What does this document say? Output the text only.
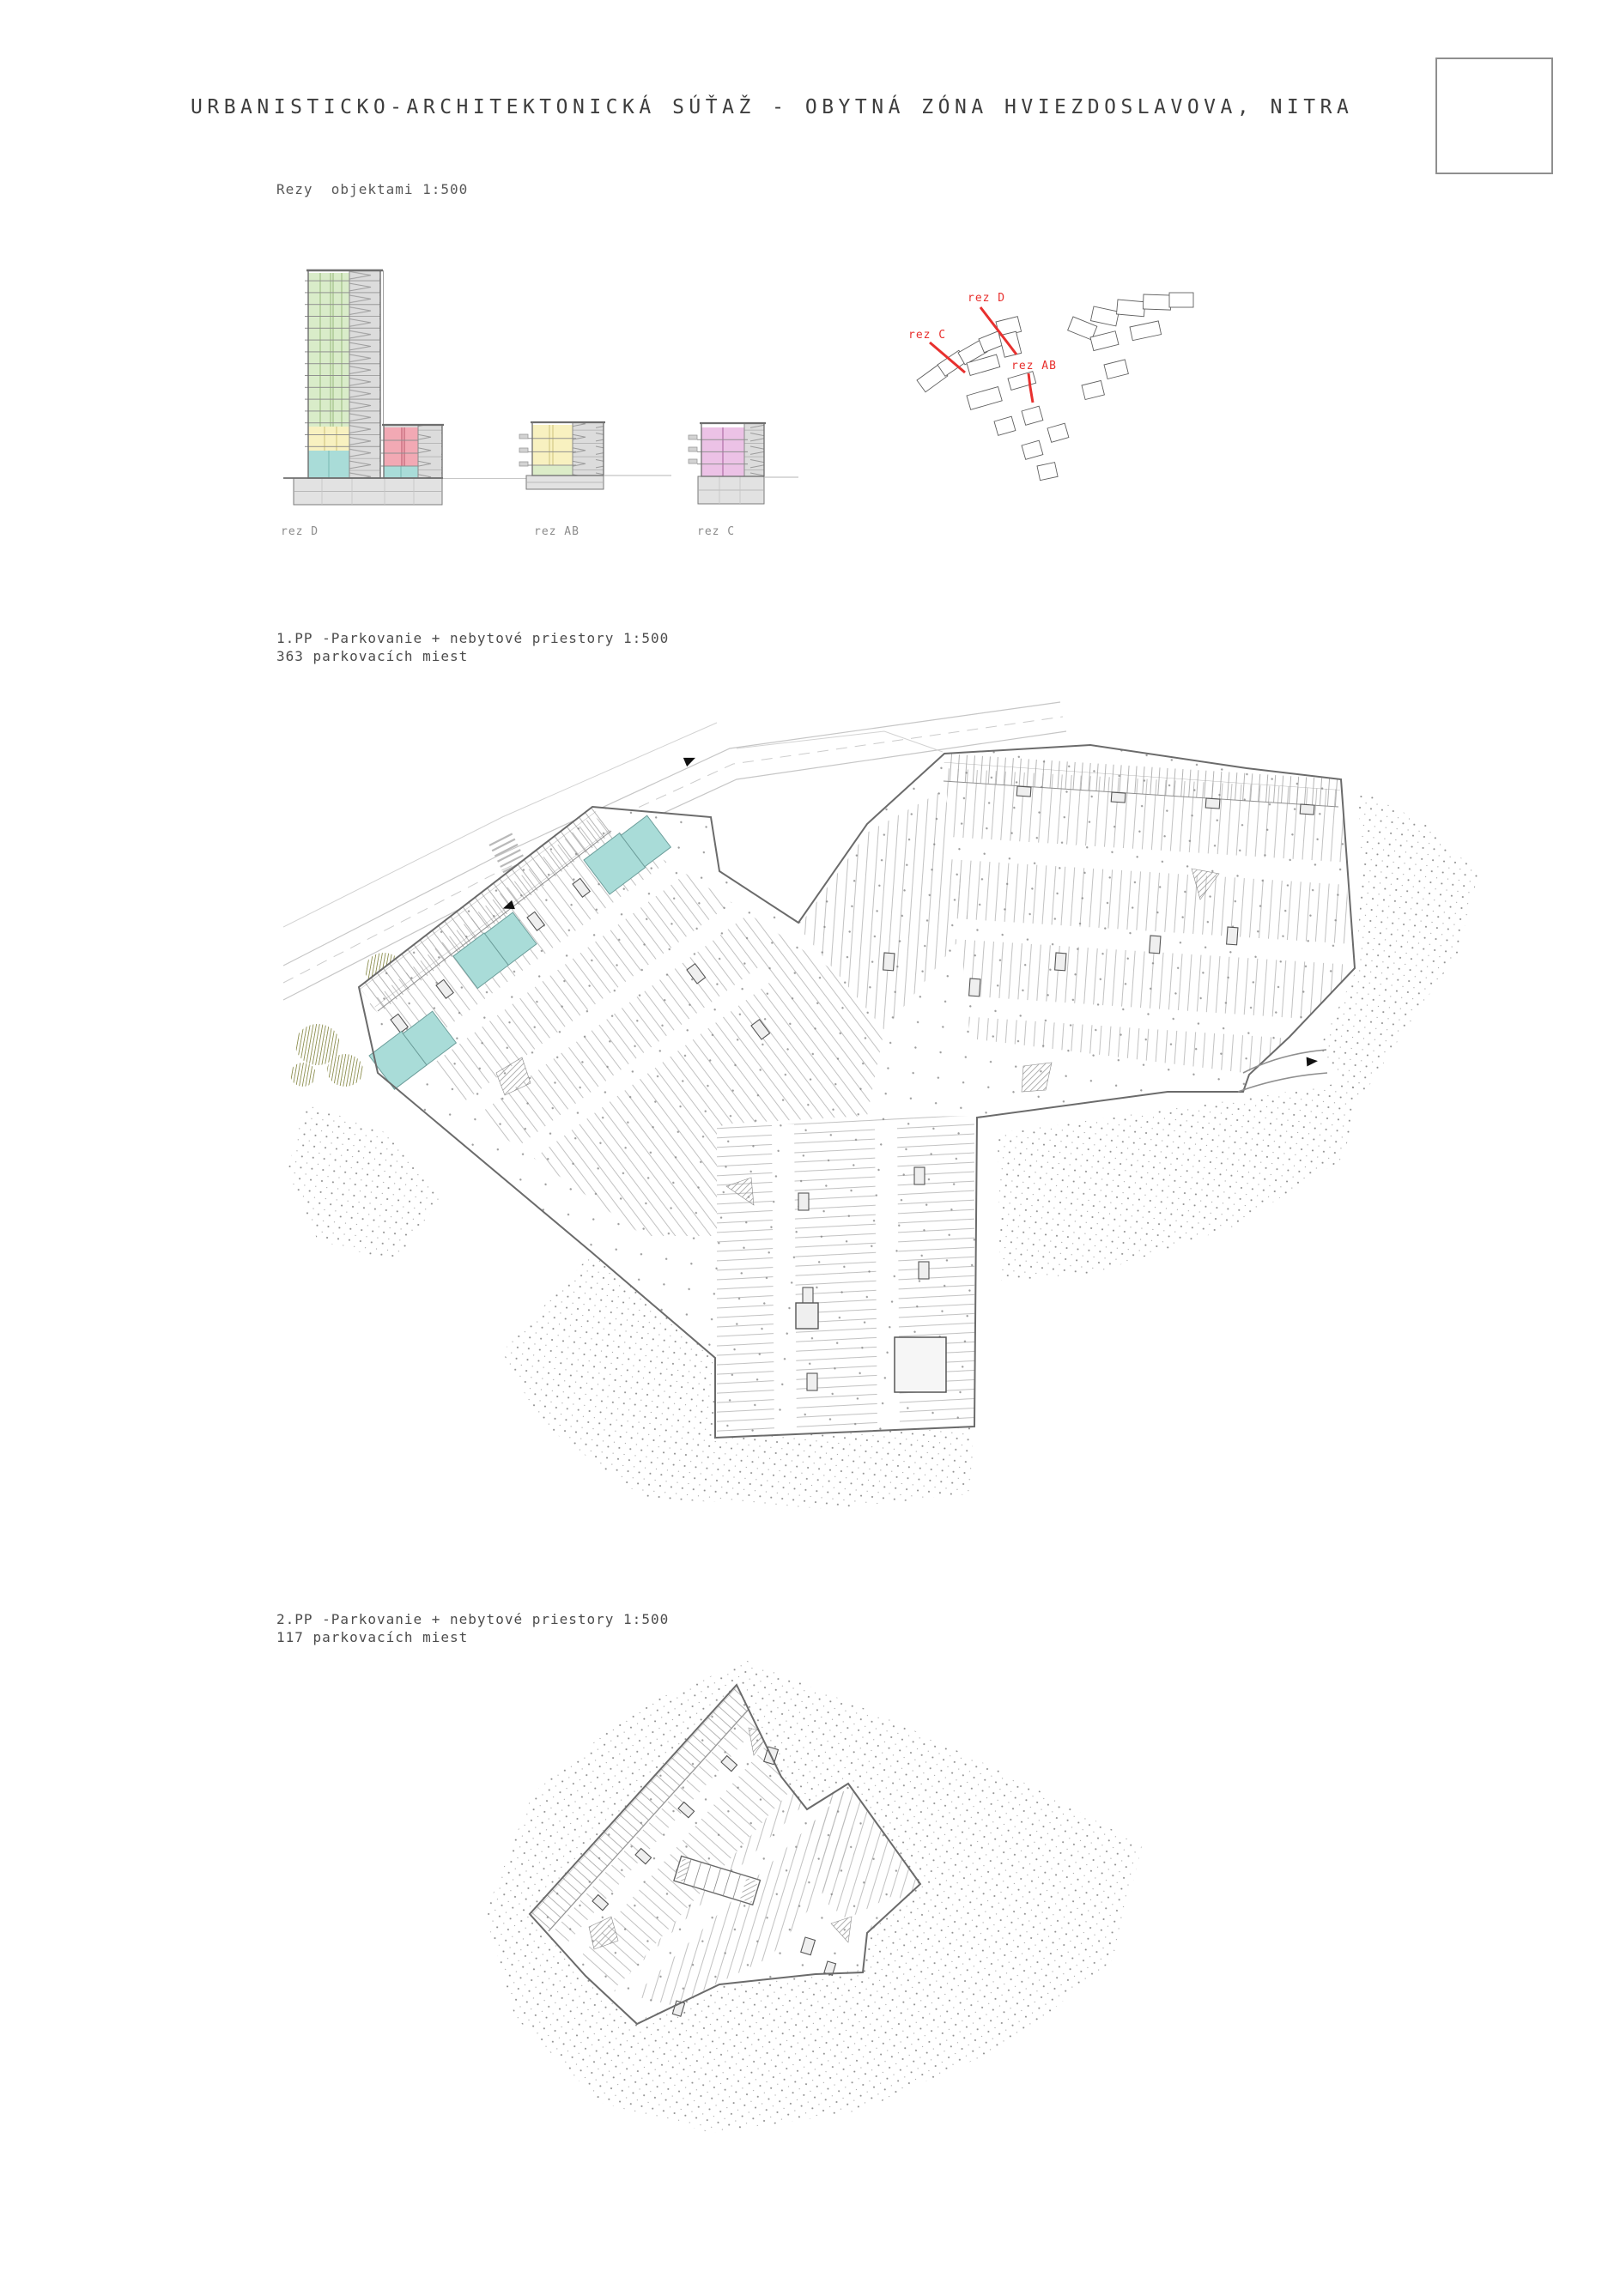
URBANISTICKO-ARCHITEKTONICKÁ SÚŤAŽ - OBYTNÁ ZÓNA HVIEZDOSLAVOVA, NITRA
Rezy  objektami 1:500
rez D	rez AB	rez C
rez D
rez C
rez AB
1.PP -Parkovanie + nebytové priestory 1:500
363 parkovacích miest
2.PP -Parkovanie + nebytové priestory 1:500
117 parkovacích miest
